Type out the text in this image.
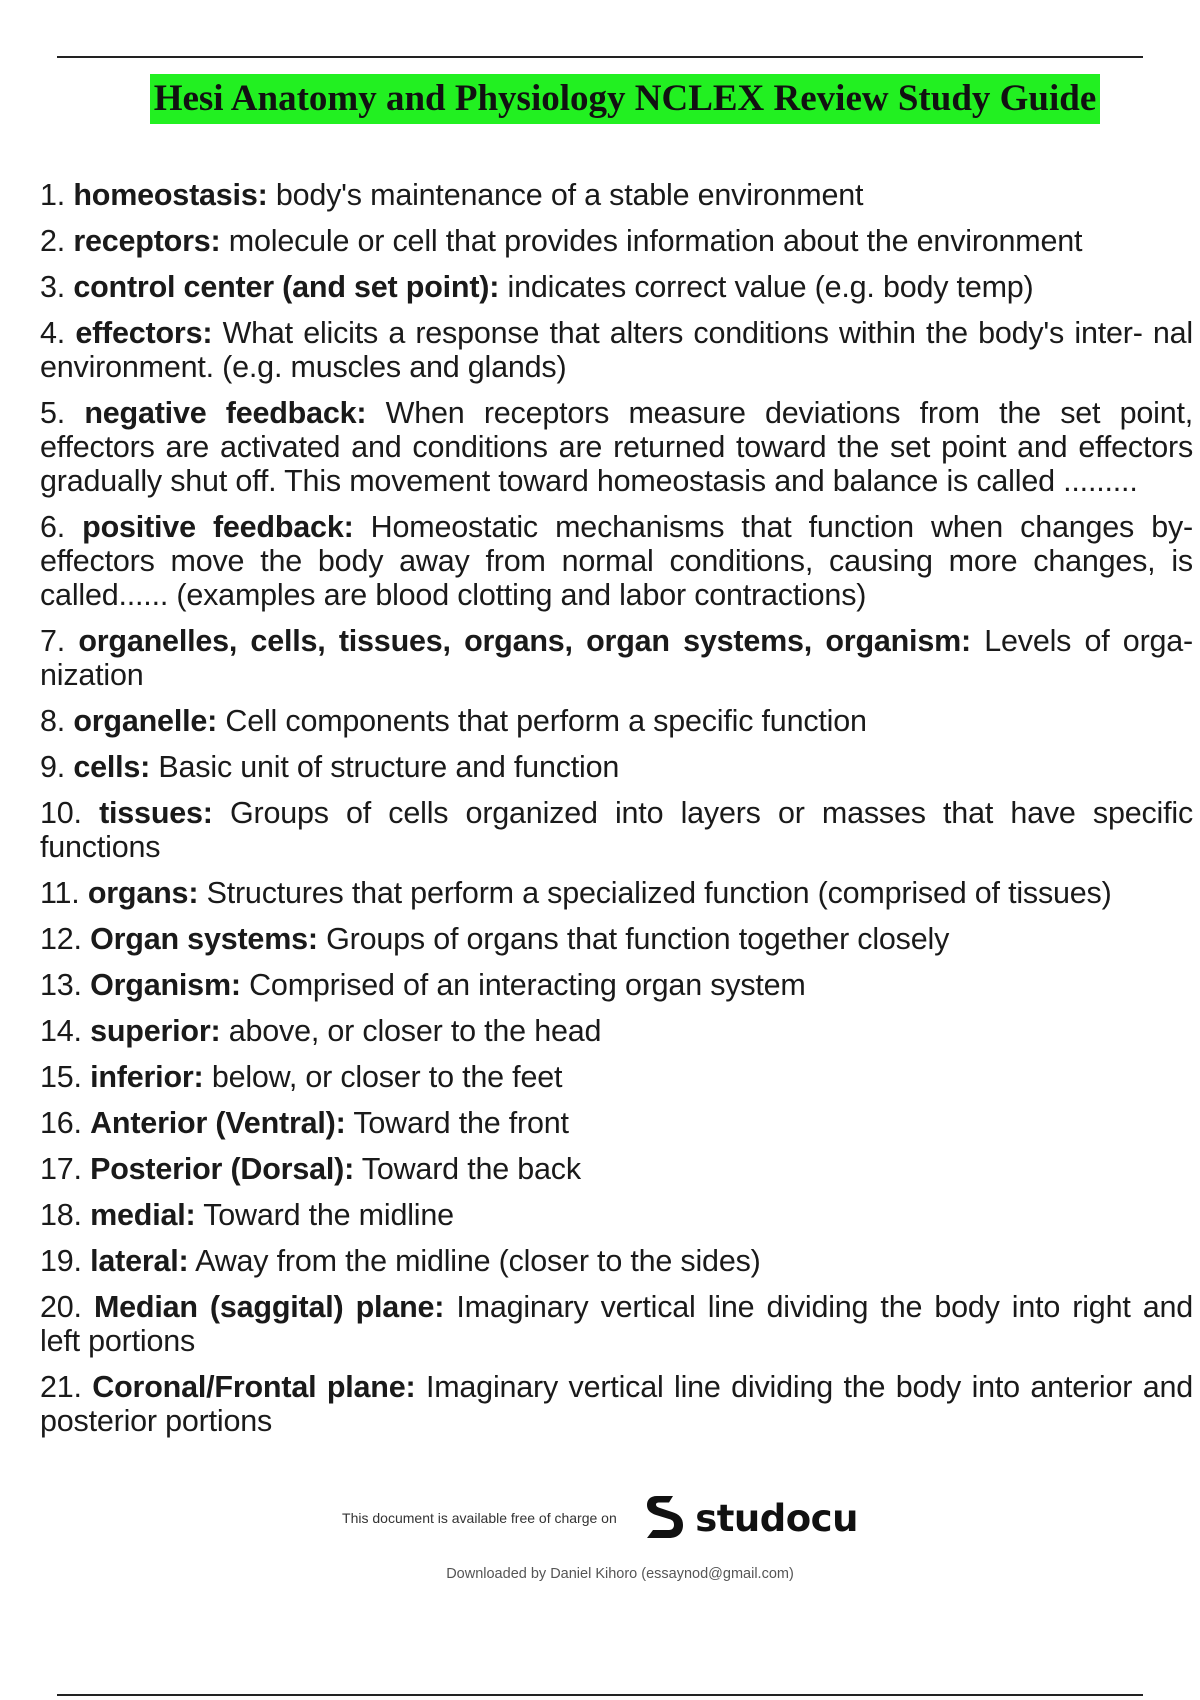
Hesi Anatomy and Physiology NCLEX Review Study Guide
1. homeostasis: body's maintenance of a stable environment
2. receptors: molecule or cell that provides information about the environment
3. control center (and set point): indicates correct value (e.g. body temp)
4. effectors: What elicits a response that alters conditions within the body's inter- nal environment. (e.g. muscles and glands)
5. negative feedback: When receptors measure deviations from the set point, effectors are activated and conditions are returned toward the set point and effectors gradually shut off. This movement toward homeostasis and balance is called .........
6. positive feedback: Homeostatic mechanisms that function when changes by- effectors move the body away from normal conditions, causing more changes, is called...... (examples are blood clotting and labor contractions)
7. organelles, cells, tissues, organs, organ systems, organism: Levels of orga- nization
8. organelle: Cell components that perform a specific function
9. cells: Basic unit of structure and function
10. tissues: Groups of cells organized into layers or masses that have specific functions
11. organs: Structures that perform a specialized function (comprised of tissues)
12. Organ systems: Groups of organs that function together closely
13. Organism: Comprised of an interacting organ system
14. superior: above, or closer to the head
15. inferior: below, or closer to the feet
16. Anterior (Ventral): Toward the front
17. Posterior (Dorsal): Toward the back
18. medial: Toward the midline
19. lateral: Away from the midline (closer to the sides)
20. Median (saggital) plane: Imaginary vertical line dividing the body into right and left portions
21. Coronal/Frontal plane: Imaginary vertical line dividing the body into anterior and posterior portions
This document is available free of charge on studocu
Downloaded by Daniel Kihoro (essaynod@gmail.com)
